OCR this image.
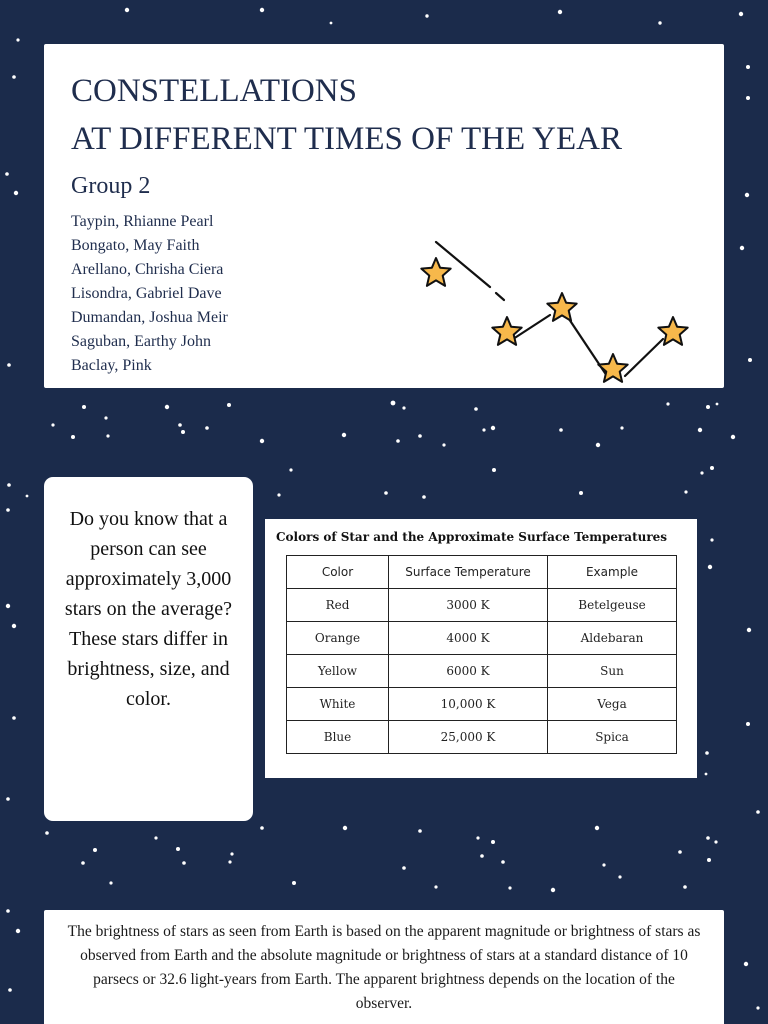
CONSTELLATIONS
AT DIFFERENT TIMES OF THE YEAR
Group 2
Taypin, Rhianne Pearl
Bongato, May Faith
Arellano, Chrisha Ciera
Lisondra, Gabriel Dave
Dumandan, Joshua Meir
Saguban, Earthy John
Baclay, Pink

Do you know that a person can see approximately 3,000 stars on the average? These stars differ in brightness, size, and color.

Colors of Star and the Approximate Surface Temperatures
Color	Surface Temperature	Example
Red	3000 K	Betelgeuse
Orange	4000 K	Aldebaran
Yellow	6000 K	Sun
White	10,000 K	Vega
Blue	25,000 K	Spica

The brightness of stars as seen from Earth is based on the apparent magnitude or brightness of stars as observed from Earth and the absolute magnitude or brightness of stars at a standard distance of 10 parsecs or 32.6 light-years from Earth. The apparent brightness depends on the location of the observer.
